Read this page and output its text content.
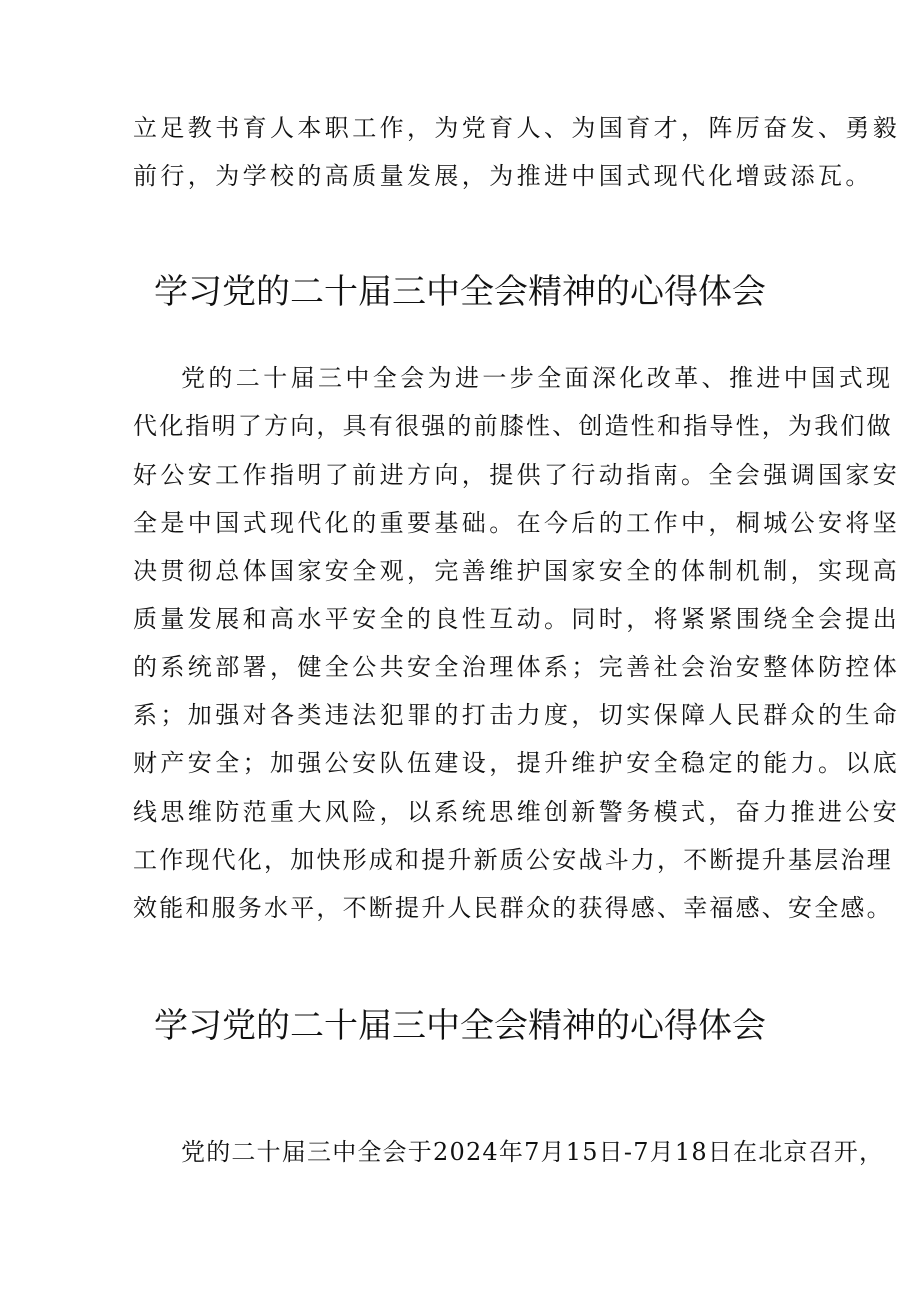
立足教书育人本职工作，为党育人、为国育才，阵厉奋发、勇毅
前行，为学校的高质量发展，为推进中国式现代化增豉添瓦。
学习党的二十届三中全会精神的心得体会
党的二十届三中全会为进一步全面深化改革、推进中国式现
代化指明了方向，具有很强的前膝性、创造性和指导性，为我们做
好公安工作指明了前进方向，提供了行动指南。全会强调国家安
全是中国式现代化的重要基础。在今后的工作中，桐城公安将坚
决贯彻总体国家安全观，完善维护国家安全的体制机制，实现高
质量发展和高水平安全的良性互动。同时，将紧紧围绕全会提出
的系统部署，健全公共安全治理体系；完善社会治安整体防控体
系；加强对各类违法犯罪的打击力度，切实保障人民群众的生命
财产安全；加强公安队伍建设，提升维护安全稳定的能力。以底
线思维防范重大风险，以系统思维创新警务模式，奋力推进公安
工作现代化，加快形成和提升新质公安战斗力，不断提升基层治理
效能和服务水平，不断提升人民群众的获得感、幸福感、安全感。
学习党的二十届三中全会精神的心得体会
党的二十届三中全会于2024年7月15日-7月18日在北京召开，
